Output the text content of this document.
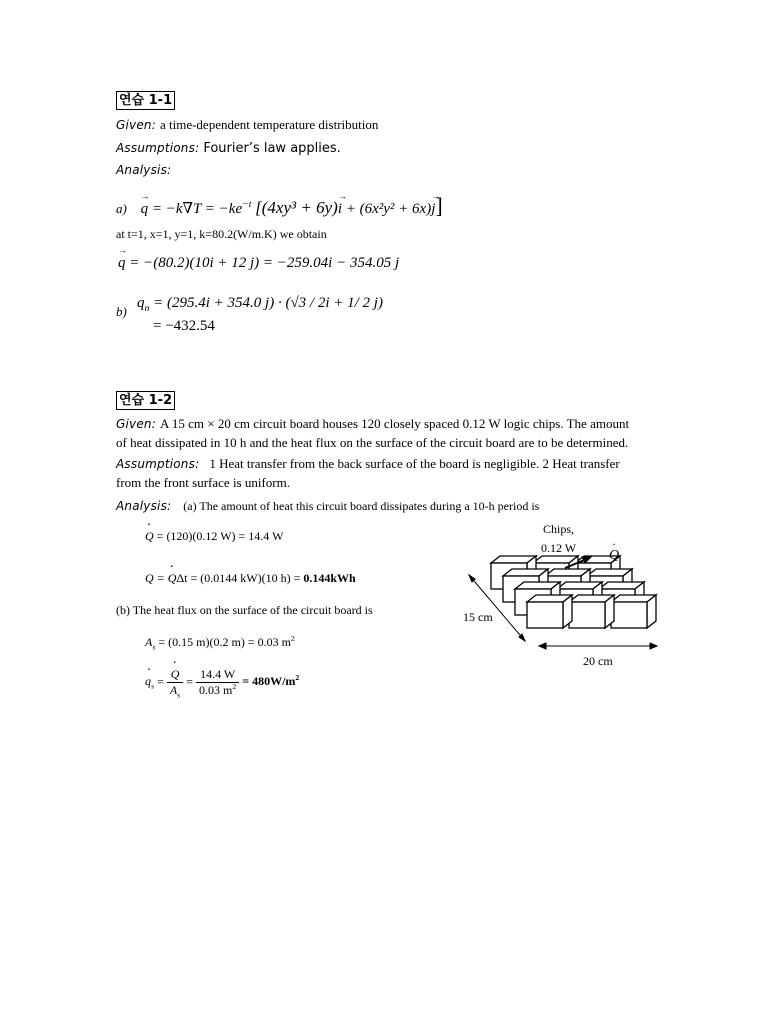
연습 1-1
Given: a time-dependent temperature distribution
Assumptions: Fourier’s law applies.
Analysis:
$a) \to q = -k\nabla T = -ke^{-t}$ [(4xy³ + 6y)→ i + (6x²y² + 6x)→ j]
at t=1, x=1, y=1, k=80.2(W/m.K) we obtain
→ q = −(80.2)(10i + 12 j) = −259.04i − 354.05 j
b)
$q_n = (295.4i + 354.0$ j) · (√3 / 2i + 1/ 2 j)
= −432.54
연습 1-2
Given: A 15 cm × 20 cm circuit board houses 120 closely spaced 0.12 W logic chips. The amount
of heat dissipated in 10 h and the heat flux on the surface of the circuit board are to be determined.
Assumptions: 1 Heat transfer from the back surface of the board is negligible. 2 Heat transfer
from the front surface is uniform.
Analysis: (a) The amount of heat this circuit board dissipates during a 10-h period is
· Q = (120)(0.12 W) = 14.4 W
Q = · QΔt = (0.0144 kW)(10 h) = 0.144kWh
(b) The heat flux on the surface of the circuit board is
$A_s = (0.15$ m)(0.2 m) = 0.03 $m^2$
· $q_s$ = · $\frac{Q}{A_s} = \frac{14.4 W}{0.03 m^2} = 480W/m^2$
Chips,
0.12 W Q
·
15 cm
20 cm
